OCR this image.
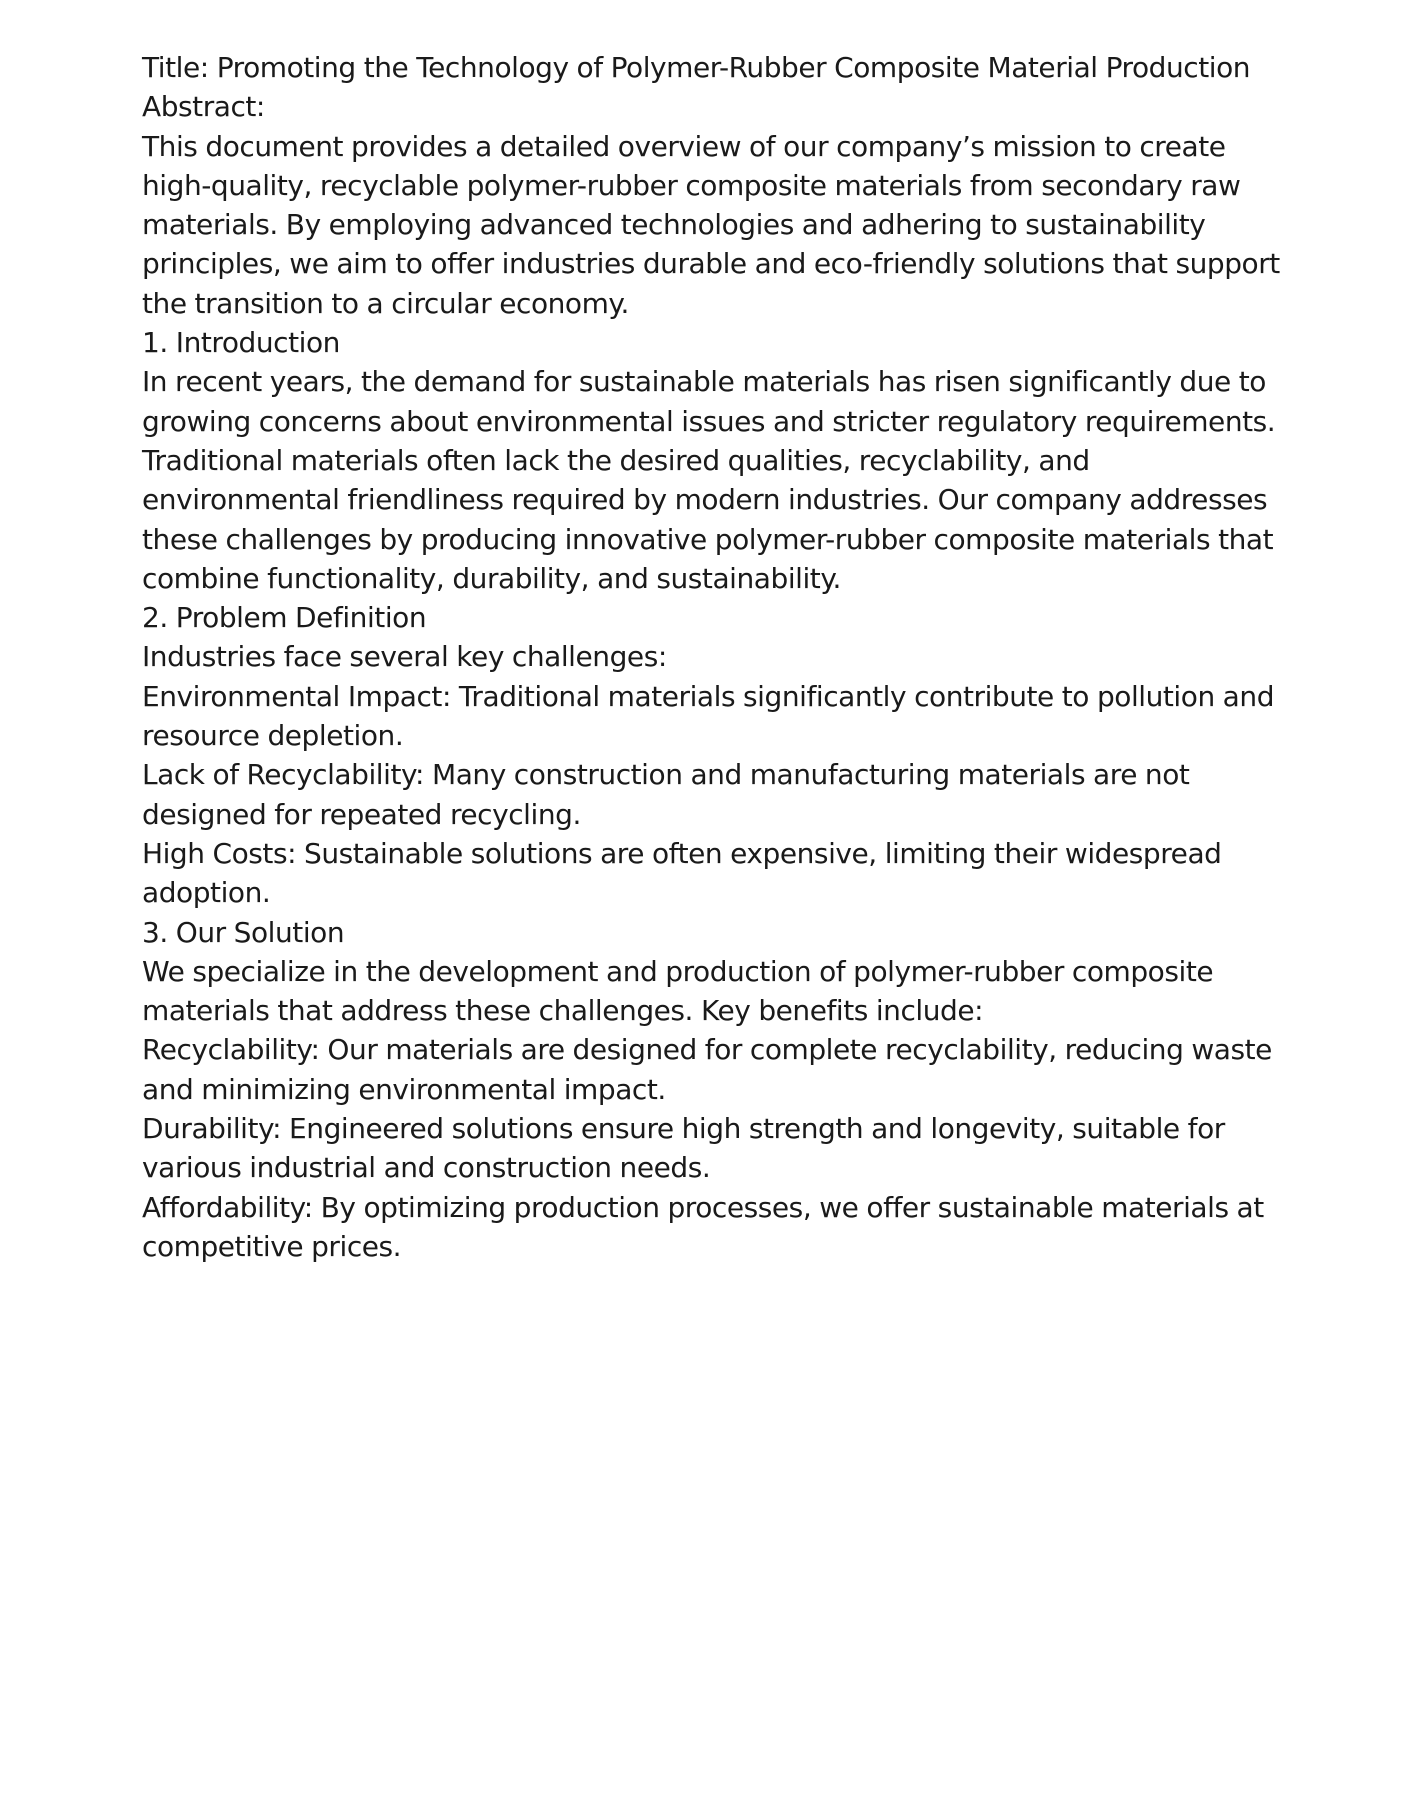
Title: Promoting the Technology of Polymer-Rubber Composite Material Production

Abstract:

This document provides a detailed overview of our company’s mission to create high-quality, recyclable polymer-rubber composite materials from secondary raw materials. By employing advanced technologies and adhering to sustainability principles, we aim to offer industries durable and eco-friendly solutions that support the transition to a circular economy.

1. Introduction

In recent years, the demand for sustainable materials has risen significantly due to growing concerns about environmental issues and stricter regulatory requirements. Traditional materials often lack the desired qualities, recyclability, and environmental friendliness required by modern industries. Our company addresses these challenges by producing innovative polymer-rubber composite materials that combine functionality, durability, and sustainability.

2. Problem Definition

Industries face several key challenges:

Environmental Impact: Traditional materials significantly contribute to pollution and resource depletion.

Lack of Recyclability: Many construction and manufacturing materials are not designed for repeated recycling.

High Costs: Sustainable solutions are often expensive, limiting their widespread adoption.

3. Our Solution

We specialize in the development and production of polymer-rubber composite materials that address these challenges. Key benefits include:

Recyclability: Our materials are designed for complete recyclability, reducing waste and minimizing environmental impact.

Durability: Engineered solutions ensure high strength and longevity, suitable for various industrial and construction needs.

Affordability: By optimizing production processes, we offer sustainable materials at competitive prices.
